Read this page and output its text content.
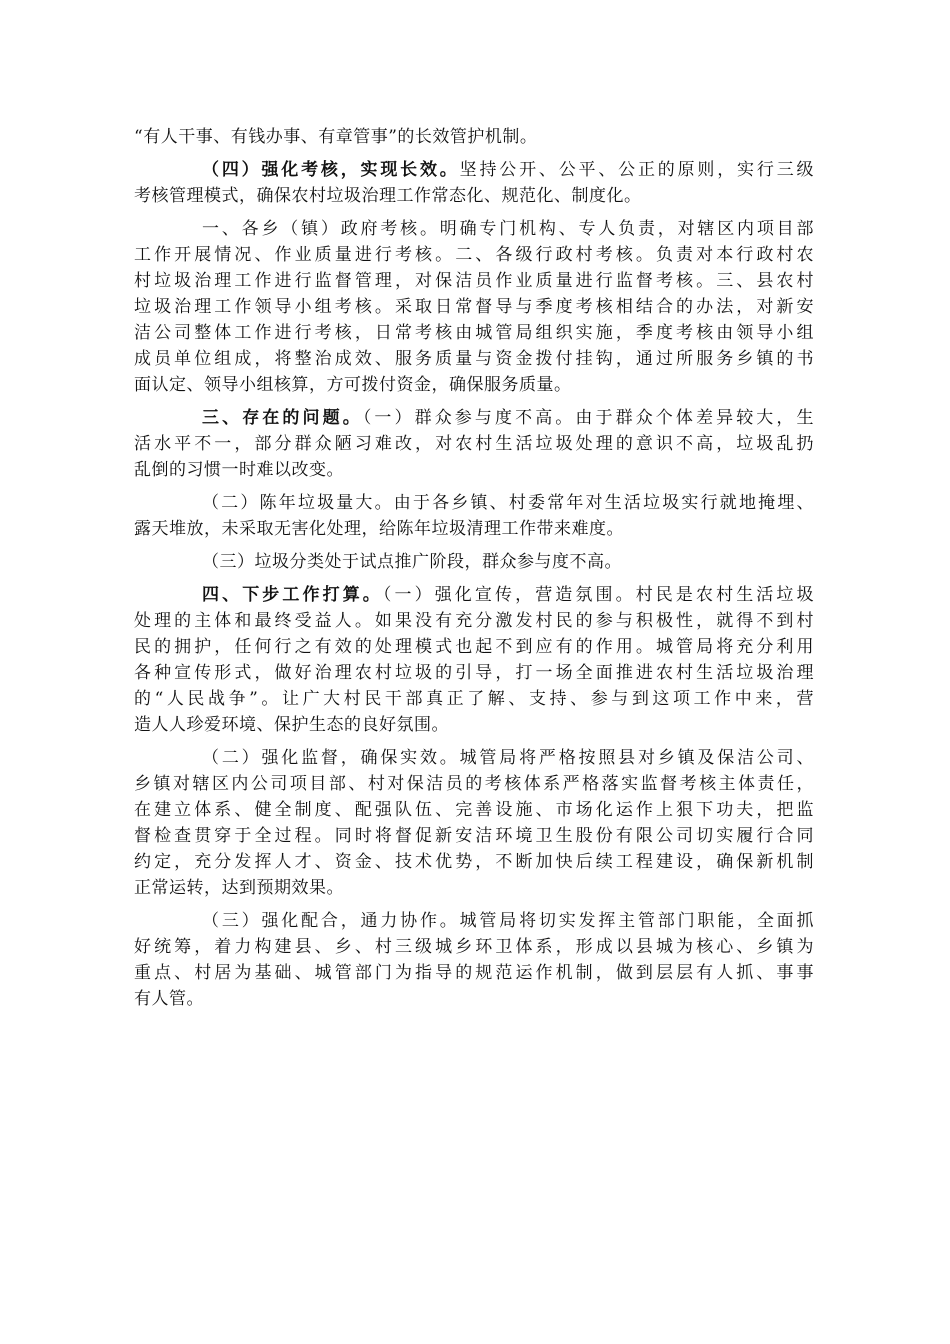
“有人干事、有钱办事、有章管事”的长效管护机制。
（四）强化考核，实现长效。坚持公开、公平、公正的原则，实行三级
考核管理模式，确保农村垃圾治理工作常态化、规范化、制度化。
一、各乡（镇）政府考核。明确专门机构、专人负责，对辖区内项目部
工作开展情况、作业质量进行考核。二、各级行政村考核。负责对本行政村农
村垃圾治理工作进行监督管理，对保洁员作业质量进行监督考核。三、县农村
垃圾治理工作领导小组考核。采取日常督导与季度考核相结合的办法，对新安
洁公司整体工作进行考核，日常考核由城管局组织实施，季度考核由领导小组
成员单位组成，将整治成效、服务质量与资金拨付挂钩，通过所服务乡镇的书
面认定、领导小组核算，方可拨付资金，确保服务质量。
三、存在的问题。（一）群众参与度不高。由于群众个体差异较大，生
活水平不一，部分群众陋习难改，对农村生活垃圾处理的意识不高，垃圾乱扔
乱倒的习惯一时难以改变。
（二）陈年垃圾量大。由于各乡镇、村委常年对生活垃圾实行就地掩埋、
露天堆放，未采取无害化处理，给陈年垃圾清理工作带来难度。
（三）垃圾分类处于试点推广阶段，群众参与度不高。
四、下步工作打算。（一）强化宣传，营造氛围。村民是农村生活垃圾
处理的主体和最终受益人。如果没有充分激发村民的参与积极性，就得不到村
民的拥护，任何行之有效的处理模式也起不到应有的作用。城管局将充分利用
各种宣传形式，做好治理农村垃圾的引导，打一场全面推进农村生活垃圾治理
的“人民战争”。让广大村民干部真正了解、支持、参与到这项工作中来，营
造人人珍爱环境、保护生态的良好氛围。
（二）强化监督，确保实效。城管局将严格按照县对乡镇及保洁公司、
乡镇对辖区内公司项目部、村对保洁员的考核体系严格落实监督考核主体责任，
在建立体系、健全制度、配强队伍、完善设施、市场化运作上狠下功夫，把监
督检查贯穿于全过程。同时将督促新安洁环境卫生股份有限公司切实履行合同
约定，充分发挥人才、资金、技术优势，不断加快后续工程建设，确保新机制
正常运转，达到预期效果。
（三）强化配合，通力协作。城管局将切实发挥主管部门职能，全面抓
好统筹，着力构建县、乡、村三级城乡环卫体系，形成以县城为核心、乡镇为
重点、村居为基础、城管部门为指导的规范运作机制，做到层层有人抓、事事
有人管。
